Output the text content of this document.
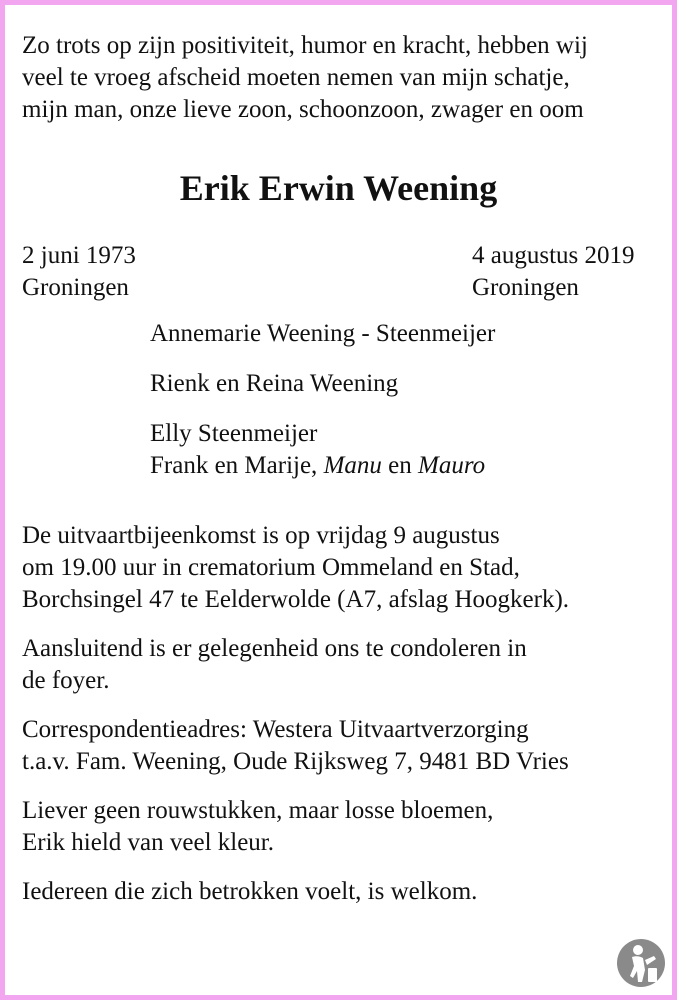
Zo trots op zijn positiviteit, humor en kracht, hebben wij

veel te vroeg afscheid moeten nemen van mijn schatje,

mijn man, onze lieve zoon, schoonzoon, zwager en oom

Erik Erwin Weening

2 juni 1973

Groningen

4 augustus 2019

Groningen

Annemarie Weening - Steenmeijer

Rienk en Reina Weening

Elly Steenmeijer
Frank en Marije, Manu en Mauro

De uitvaartbijeenkomst is op vrijdag 9 augustus

om 19.00 uur in crematorium Ommeland en Stad,

Borchsingel 47 te Eelderwolde (A7, afslag Hoogkerk).

Aansluitend is er gelegenheid ons te condoleren in

de foyer.

Correspondentieadres: Westera Uitvaartverzorging

t.a.v. Fam. Weening, Oude Rijksweg 7, 9481 BD Vries

Liever geen rouwstukken, maar losse bloemen,

Erik hield van veel kleur.

Iedereen die zich betrokken voelt, is welkom.
